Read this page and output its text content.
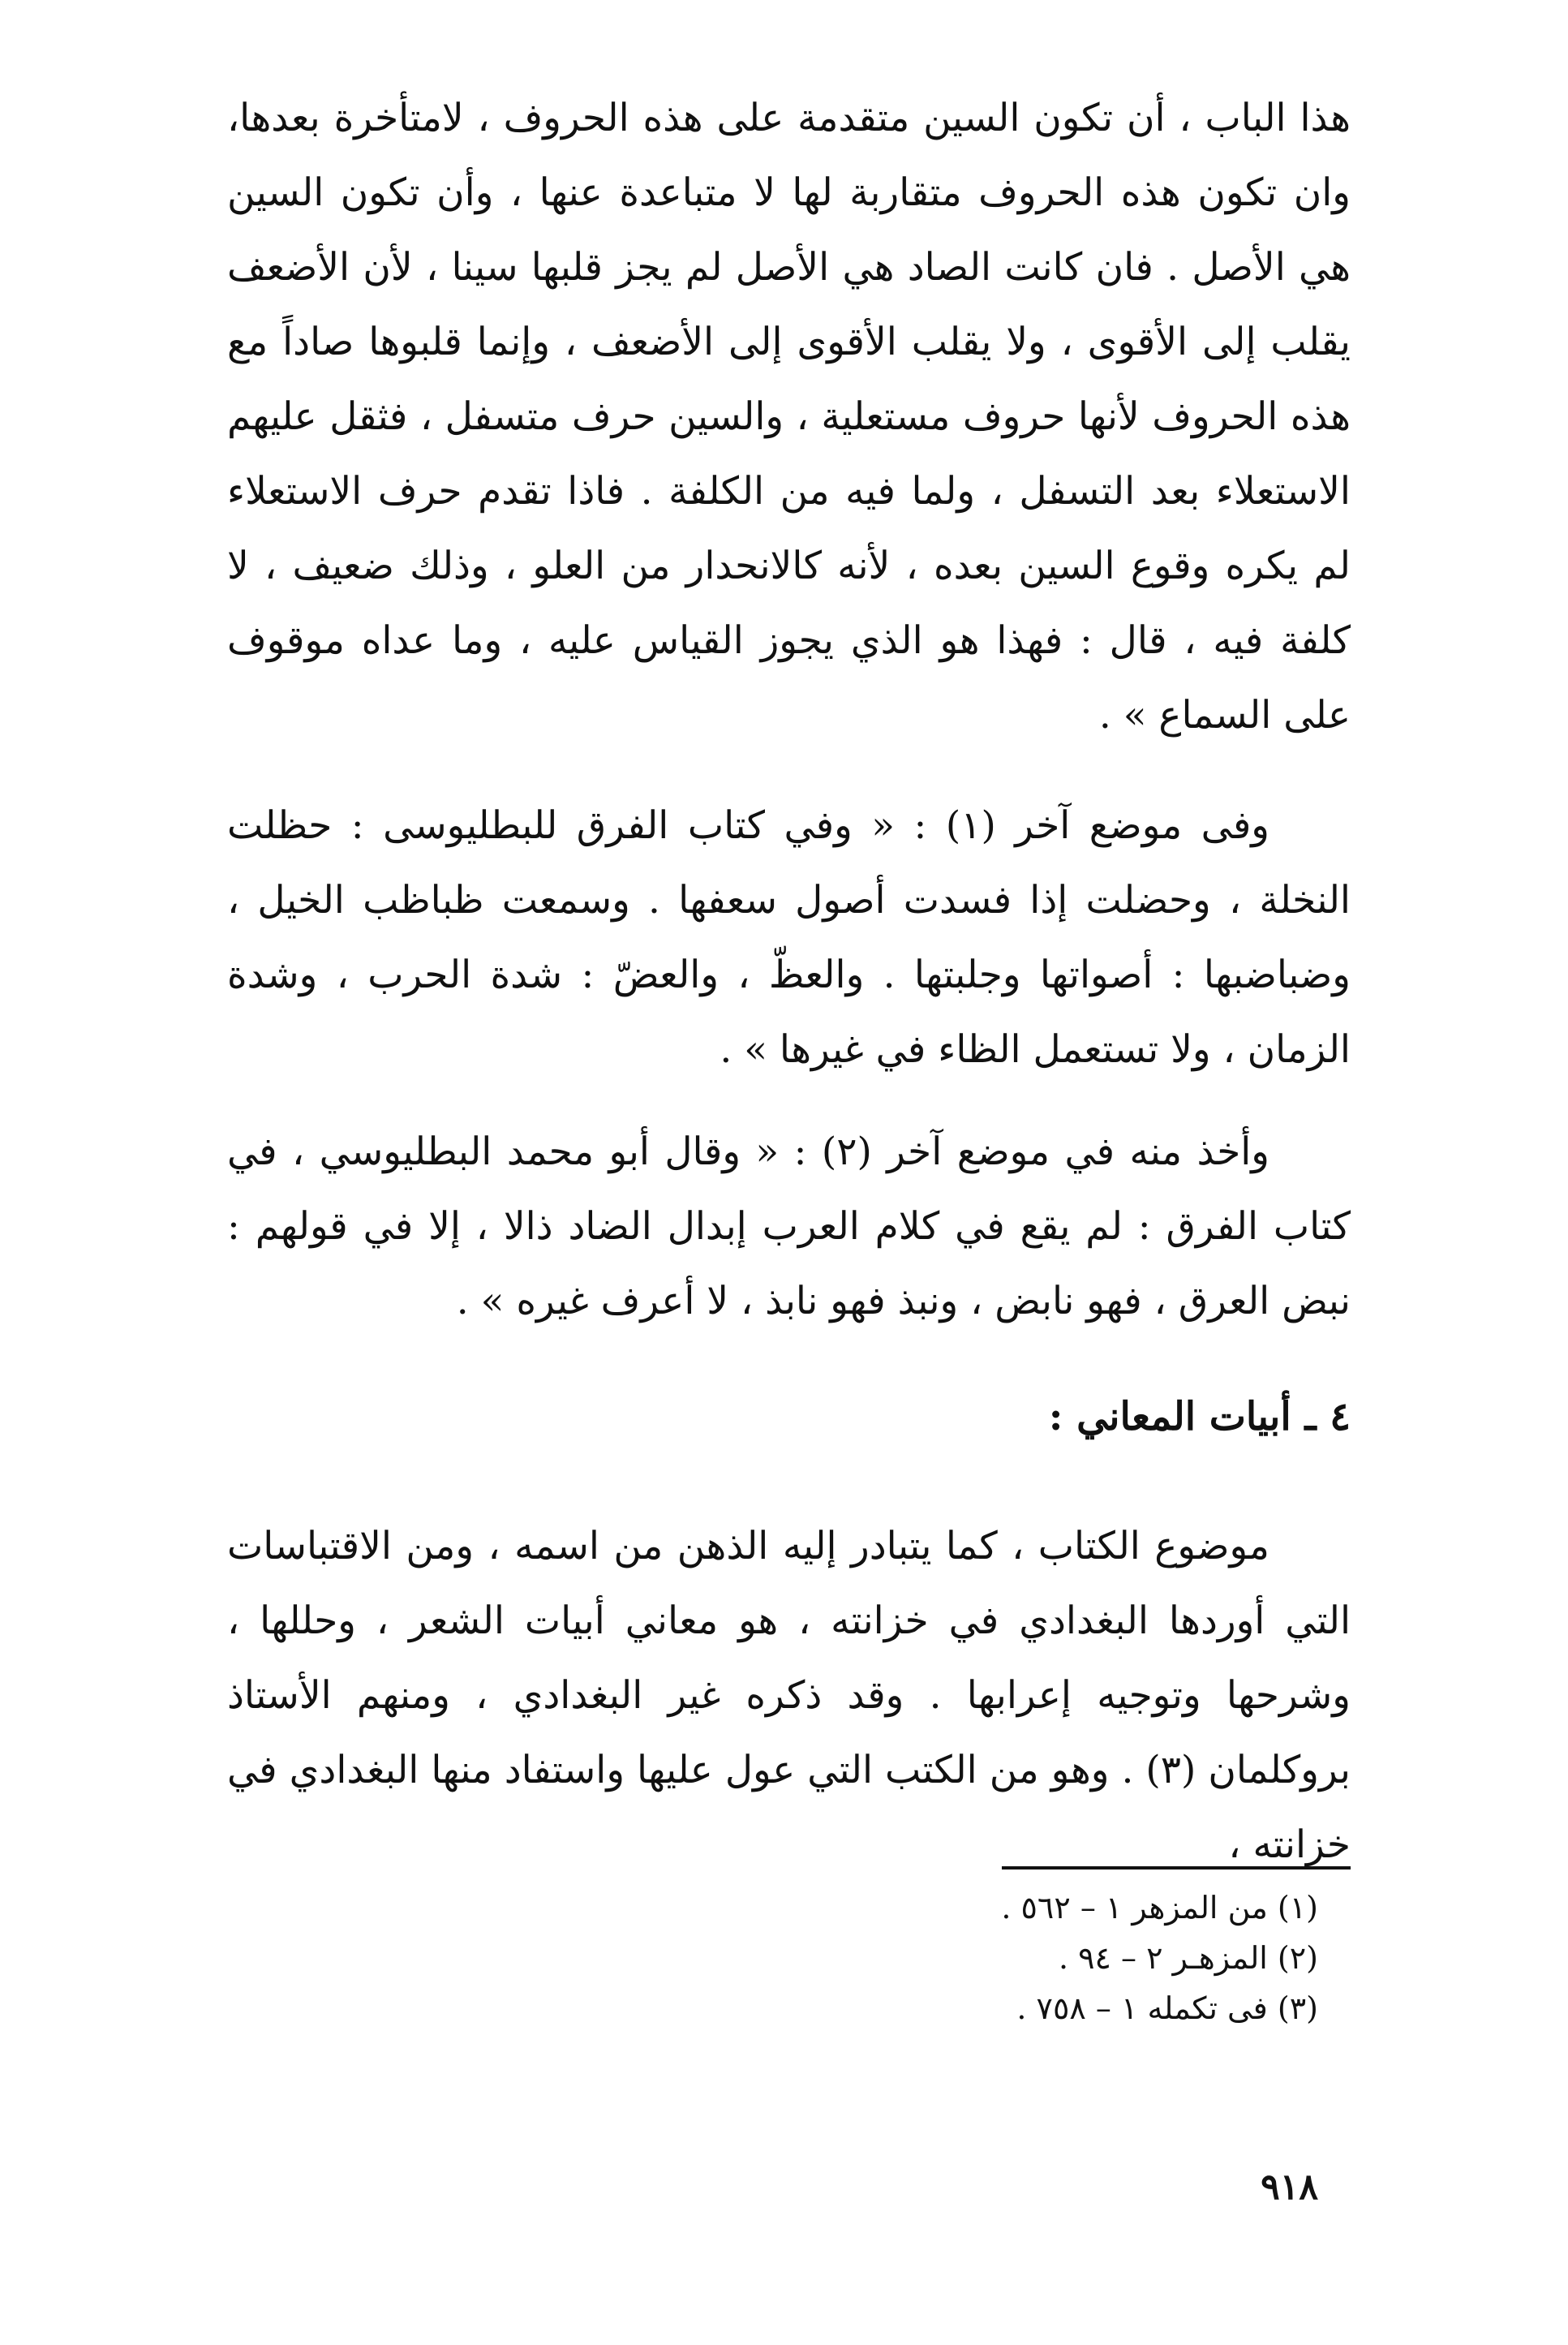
هذا الباب ، أن تكون السين متقدمة على هذه الحروف ، لامتأخرة بعدها، وان تكون هذه الحروف متقاربة لها لا متباعدة عنها ، وأن تكون السين هي الأصل . فان كانت الصاد هي الأصل لم يجز قلبها سينا ، لأن الأضعف يقلب إلى الأقوى ، ولا يقلب الأقوى إلى الأضعف ، وإنما قلبوها صاداً مع هذه الحروف لأنها حروف مستعلية ، والسين حرف متسفل ، فثقل عليهم الاستعلاء بعد التسفل ، ولما فيه من الكلفة . فاذا تقدم حرف الاستعلاء لم يكره وقوع السين بعده ، لأنه كالانحدار من العلو ، وذلك ضعيف ، لا كلفة فيه ، قال : فهذا هو الذي يجوز القياس عليه ، وما عداه موقوف على السماع » .

وفى موضع آخر (١) : « وفي كتاب الفرق للبطليوسى : حظلت النخلة ، وحضلت إذا فسدت أصول سعفها . وسمعت ظباظب الخيل ، وضباضبها : أصواتها وجلبتها . والعظّ ، والعضّ : شدة الحرب ، وشدة الزمان ، ولا تستعمل الظاء في غيرها » .

وأخذ منه في موضع آخر (٢) : « وقال أبو محمد البطليوسي ، في كتاب الفرق : لم يقع في كلام العرب إبدال الضاد ذالا ، إلا في قولهم : نبض العرق ، فهو نابض ، ونبذ فهو نابذ ، لا أعرف غيره » .

٤ ـ أبيات المعاني :

موضوع الكتاب ، كما يتبادر إليه الذهن من اسمه ، ومن الاقتباسات التي أوردها البغدادي في خزانته ، هو معاني أبيات الشعر ، وحللها ، وشرحها وتوجيه إعرابها . وقد ذكره غير البغدادي ، ومنهم الأستاذ بروكلمان (٣) . وهو من الكتب التي عول عليها واستفاد منها البغدادي في خزانته ،

(١) من المزهر ١ – ٥٦٢ .
(٢) المزهـر ٢ – ٩٤ .
(٣) فى تكمله ١ – ٧٥٨ .
٩١٨
